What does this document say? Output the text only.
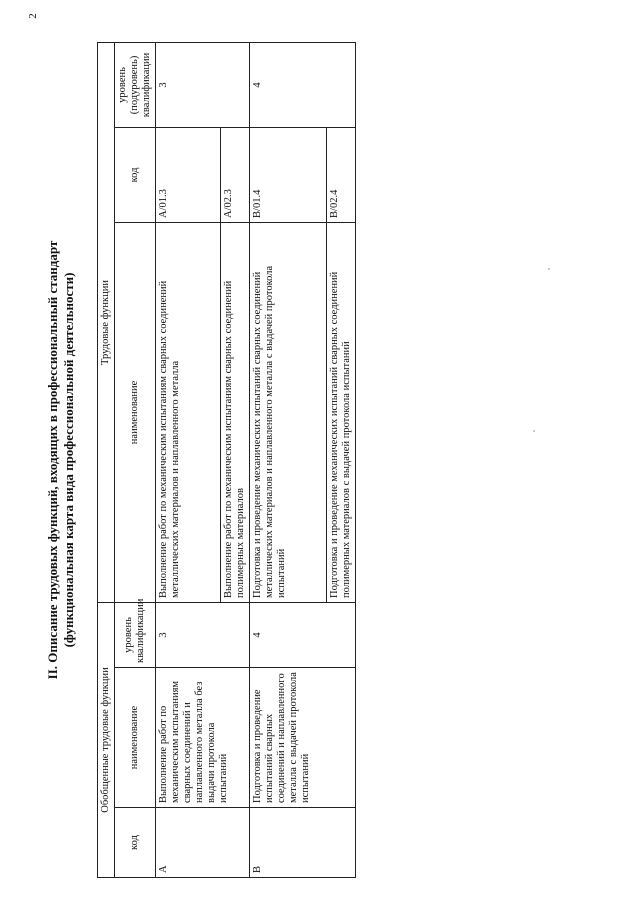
2
II. Описание трудовых функций, входящих в профессиональный стандарт (функциональная карта вида профессиональной деятельности)
Обобщенные трудовые функции			Трудовые функции		
код	наименование	уровень квалификации	наименование	код	уровень (подуровень) квалификации
A	Выполнение работ по механическим испытаниям сварных соединений и наплавленного металла без выдачи протокола испытаний	3	Выполнение работ по механическим испытаниям сварных соединений металлических материалов и наплавленного металла	A/01.3	3
			Выполнение работ по механическим испытаниям сварных соединений полимерных материалов	A/02.3	
B	Подготовка и проведение испытаний сварных соединений и наплавленного металла с выдачей протокола испытаний	4	Подготовка и проведение механических испытаний сварных соединений металлических материалов и наплавленного металла с выдачей протокола испытаний	B/01.4	4
			Подготовка и проведение механических испытаний сварных соединений полимерных материалов с выдачей протокола испытаний	B/02.4	
